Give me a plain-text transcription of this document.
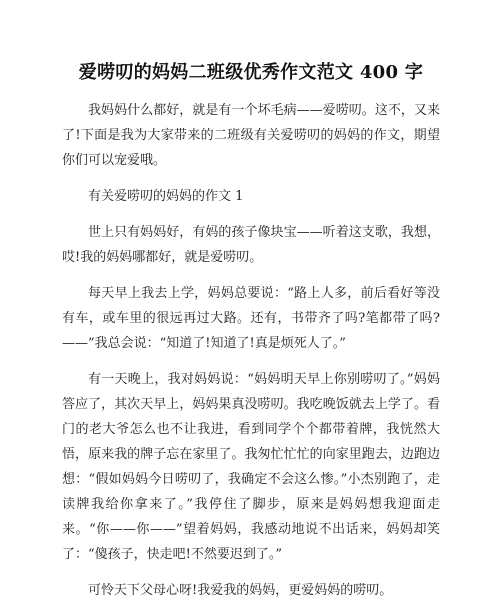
爱唠叨的妈妈二班级优秀作文范文 400 字

我妈妈什么都好，就是有一个坏毛病——爱唠叨。这不，又来了!下面是我为大家带来的二班级有关爱唠叨的妈妈的作文，期望你们可以宠爱哦。

有关爱唠叨的妈妈的作文 1

世上只有妈妈好，有妈的孩子像块宝——听着这支歌，我想，哎!我的妈妈哪都好，就是爱唠叨。

每天早上我去上学，妈妈总要说：“路上人多，前后看好等没有车，或车里的很远再过大路。还有，书带齐了吗?笔都带了吗?——”我总会说：“知道了!知道了!真是烦死人了。”

有一天晚上，我对妈妈说：“妈妈明天早上你别唠叨了。”妈妈答应了，其次天早上，妈妈果真没唠叨。我吃晚饭就去上学了。看门的老大爷怎么也不让我进，看到同学个个都带着牌，我恍然大悟，原来我的牌子忘在家里了。我匆忙忙忙的向家里跑去，边跑边想：“假如妈妈今日唠叨了，我确定不会这么惨。”小杰别跑了，走读牌我给你拿来了。”我停住了脚步，原来是妈妈想我迎面走来。“你——你——”望着妈妈，我感动地说不出话来，妈妈却笑了：“傻孩子，快走吧!不然要迟到了。”

可怜天下父母心呀!我爱我的妈妈，更爱妈妈的唠叨。
